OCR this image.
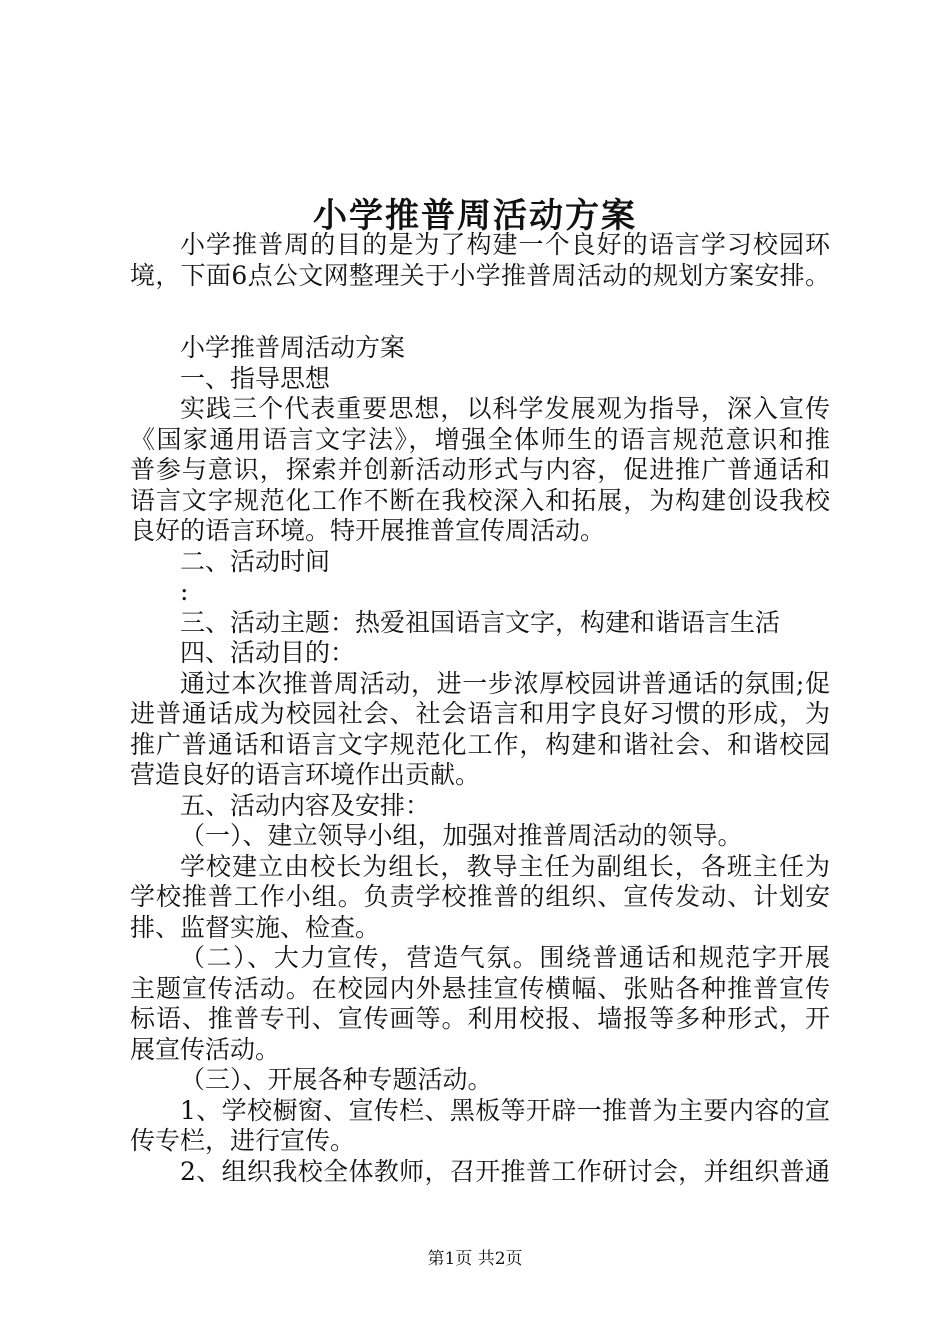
小学推普周活动方案
小学推普周的目的是为了构建一个良好的语言学习校园环
境，下面6点公文网整理关于小学推普周活动的规划方案安排。
小学推普周活动方案
一、指导思想
实践三个代表重要思想，以科学发展观为指导，深入宣传
《国家通用语言文字法》，增强全体师生的语言规范意识和推
普参与意识，探索并创新活动形式与内容，促进推广普通话和
语言文字规范化工作不断在我校深入和拓展，为构建创设我校
良好的语言环境。特开展推普宣传周活动。
二、活动时间
:
三、活动主题：热爱祖国语言文字，构建和谐语言生活
四、活动目的：
通过本次推普周活动，进一步浓厚校园讲普通话的氛围;促
进普通话成为校园社会、社会语言和用字良好习惯的形成，为
推广普通话和语言文字规范化工作，构建和谐社会、和谐校园
营造良好的语言环境作出贡献。
五、活动内容及安排：
（一）、建立领导小组，加强对推普周活动的领导。
学校建立由校长为组长，教导主任为副组长，各班主任为
学校推普工作小组。负责学校推普的组织、宣传发动、计划安
排、监督实施、检查。
（二）、大力宣传，营造气氛。围绕普通话和规范字开展
主题宣传活动。在校园内外悬挂宣传横幅、张贴各种推普宣传
标语、推普专刊、宣传画等。利用校报、墙报等多种形式，开
展宣传活动。
（三）、开展各种专题活动。
1、学校橱窗、宣传栏、黑板等开辟一推普为主要内容的宣
传专栏，进行宣传。
2、组织我校全体教师，召开推普工作研讨会，并组织普通
第1页 共2页
